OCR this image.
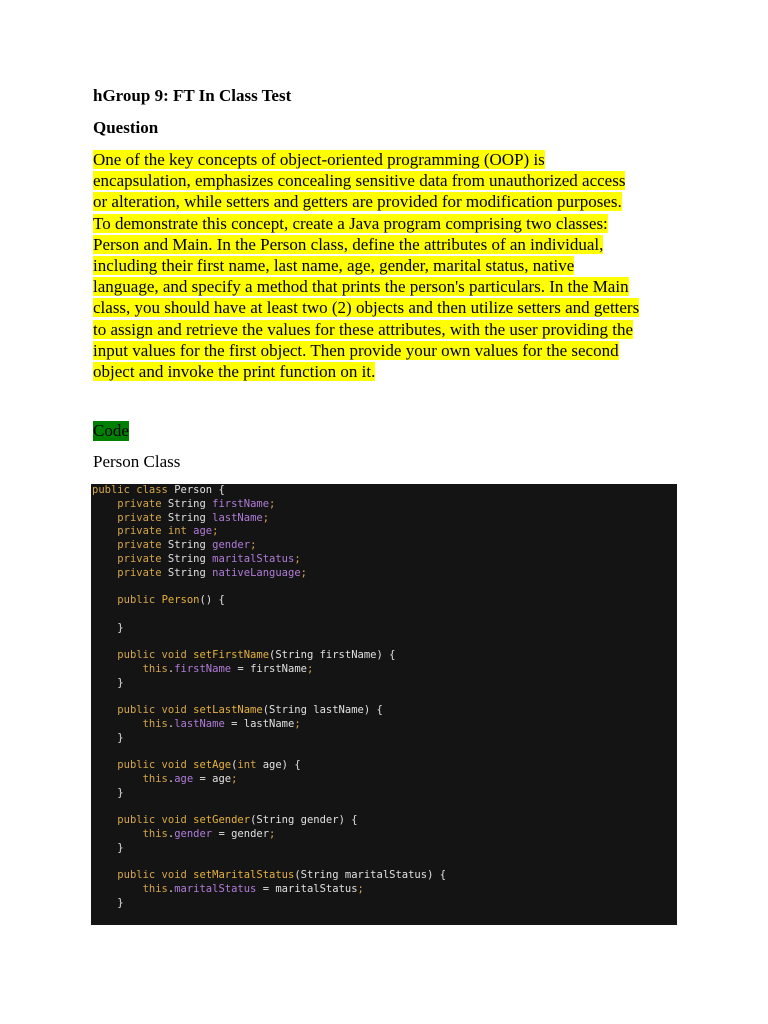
hGroup 9: FT In Class Test
Question

One of the key concepts of object-oriented programming (OOP) is
encapsulation, emphasizes concealing sensitive data from unauthorized access
or alteration, while setters and getters are provided for modification purposes.
To demonstrate this concept, create a Java program comprising two classes:
Person and Main. In the Person class, define the attributes of an individual,
including their first name, last name, age, gender, marital status, native
language, and specify a method that prints the person's particulars. In the Main
class, you should have at least two (2) objects and then utilize setters and getters
to assign and retrieve the values for these attributes, with the user providing the
input values for the first object. Then provide your own values for the second
object and invoke the print function on it.

Code
Person Class
public class Person {
private String firstName;
private String lastName;
private int age;
private String gender;
private String maritalStatus;
private String nativeLanguage;

public Person() {

}

public void setFirstName(String firstName) {
this.firstName = firstName;
}

public void setLastName(String lastName) {
this.lastName = lastName;
}

public void setAge(int age) {
this.age = age;
}

public void setGender(String gender) {
this.gender = gender;
}

public void setMaritalStatus(String maritalStatus) {
this.maritalStatus = maritalStatus;
}
